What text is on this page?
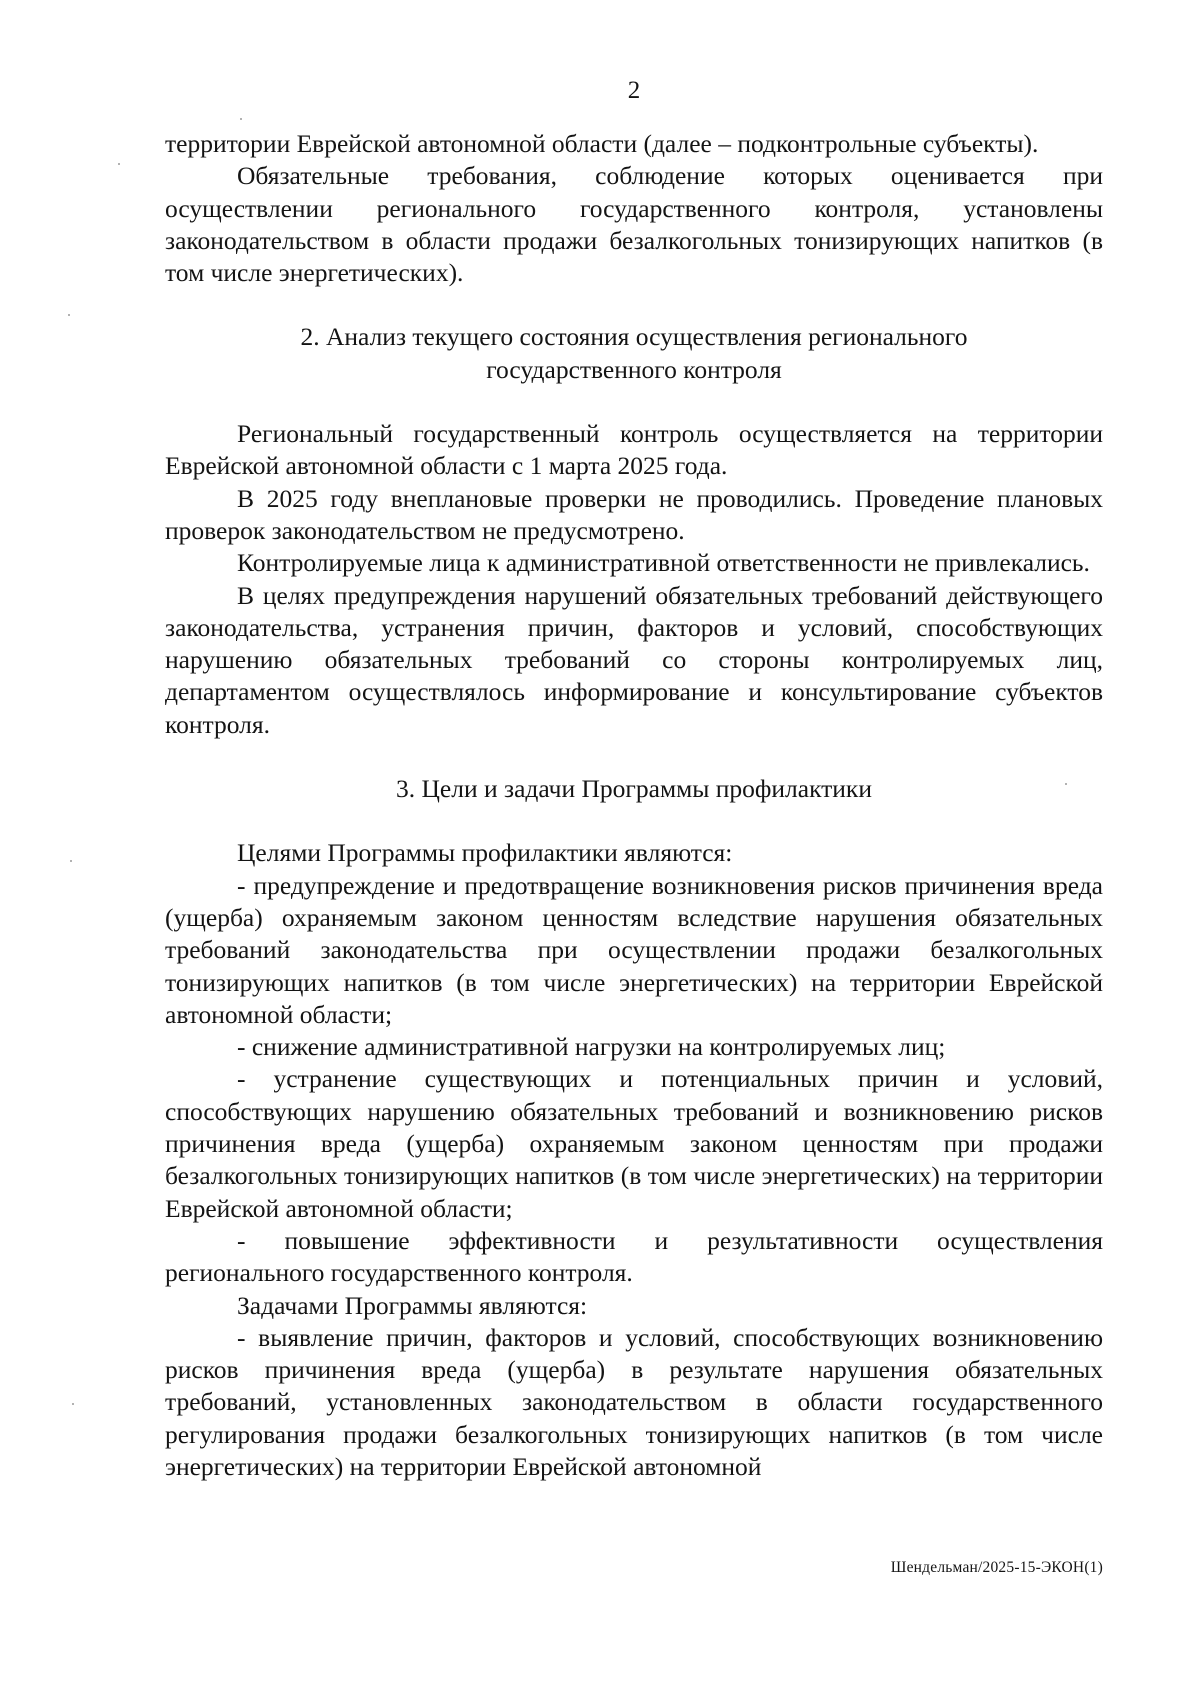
2

территории Еврейской автономной области (далее – подконтрольные субъекты).

Обязательные требования, соблюдение которых оценивается при осуществлении регионального государственного контроля, установлены законодательством в области продажи безалкогольных тонизирующих напитков (в том числе энергетических).

2. Анализ текущего состояния осуществления регионального
государственного контроля

Региональный государственный контроль осуществляется на территории Еврейской автономной области с 1 марта 2025 года.

В 2025 году внеплановые проверки не проводились. Проведение плановых проверок законодательством не предусмотрено.

Контролируемые лица к административной ответственности не привлекались.

В целях предупреждения нарушений обязательных требований действующего законодательства, устранения причин, факторов и условий, способствующих нарушению обязательных требований со стороны контролируемых лиц, департаментом осуществлялось информирование и консультирование субъектов контроля.

3. Цели и задачи Программы профилактики

Целями Программы профилактики являются:

- предупреждение и предотвращение возникновения рисков причинения вреда (ущерба) охраняемым законом ценностям вследствие нарушения обязательных требований законодательства при осуществлении продажи безалкогольных тонизирующих напитков (в том числе энергетических) на территории Еврейской автономной области;

- снижение административной нагрузки на контролируемых лиц;

- устранение существующих и потенциальных причин и условий, способствующих нарушению обязательных требований и возникновению рисков причинения вреда (ущерба) охраняемым законом ценностям при продажи безалкогольных тонизирующих напитков (в том числе энергетических) на территории Еврейской автономной области;

- повышение эффективности и результативности осуществления регионального государственного контроля.

Задачами Программы являются:

- выявление причин, факторов и условий, способствующих возникновению рисков причинения вреда (ущерба) в результате нарушения обязательных требований, установленных законодательством в области государственного регулирования продажи безалкогольных тонизирующих напитков (в том числе энергетических) на территории Еврейской автономной

Шендельман/2025-15-ЭКОН(1)
